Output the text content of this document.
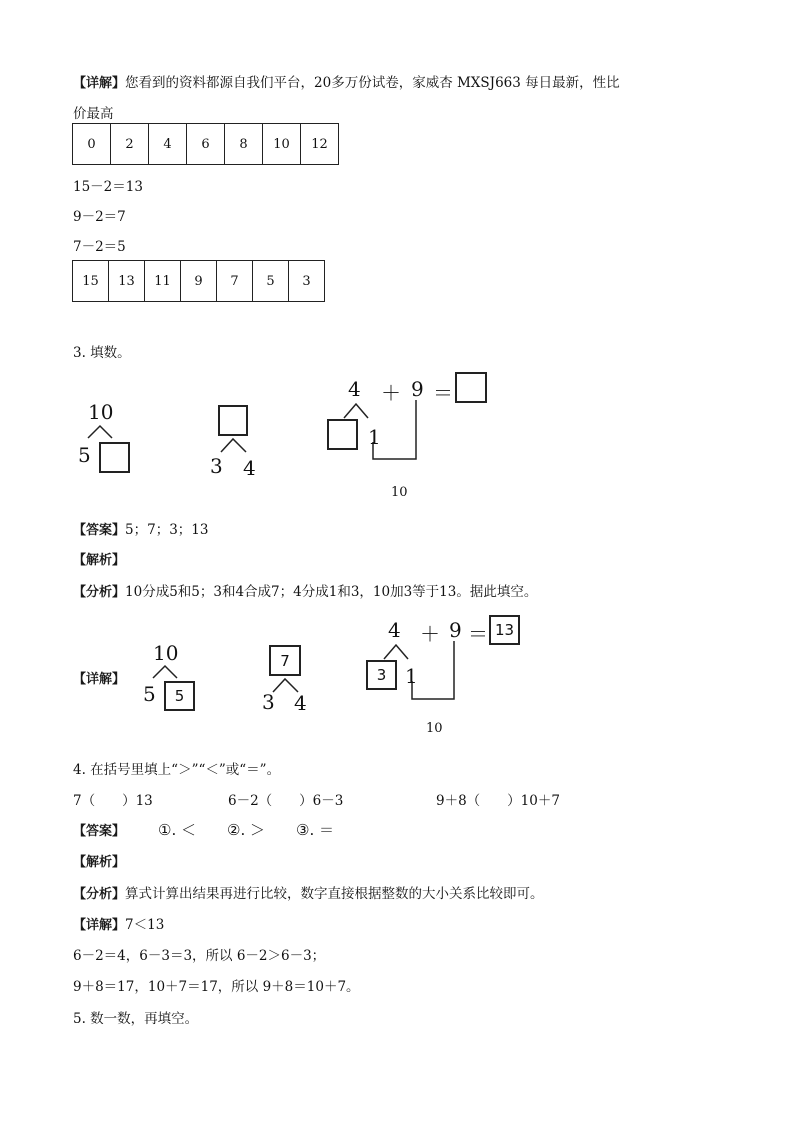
【详解】您看到的资料都源自我们平台，20多万份试卷，家威杏 MXSJ663 每日最新，性比
价最高
0	2	4	6	8	10	12
15－2＝13
9－2＝7
7－2＝5
15	13	11	9	7	5	3
3. 填数。
10
5	3 4
4 ＋ 9 ＝
1
10
【答案】5；7；3；13
【解析】
【分析】10分成5和5；3和4合成7；4分成1和3，10加3等于13。据此填空。
【详解】
10
5	5
7
3 4
4 ＋ 9 ＝ 13
3 1
10
4. 在括号里填上“＞”“＜”或“＝”。
7（　　）13	6－2（　　）6－3	9＋8（　　）10＋7
【答案】 ①. ＜ ②. ＞ ③. ＝
【解析】
【分析】算式计算出结果再进行比较，数字直接根据整数的大小关系比较即可。
【详解】7＜13
6－2＝4，6－3＝3，所以 6－2＞6－3；
9＋8＝17，10＋7＝17，所以 9＋8＝10＋7。
5. 数一数，再填空。
